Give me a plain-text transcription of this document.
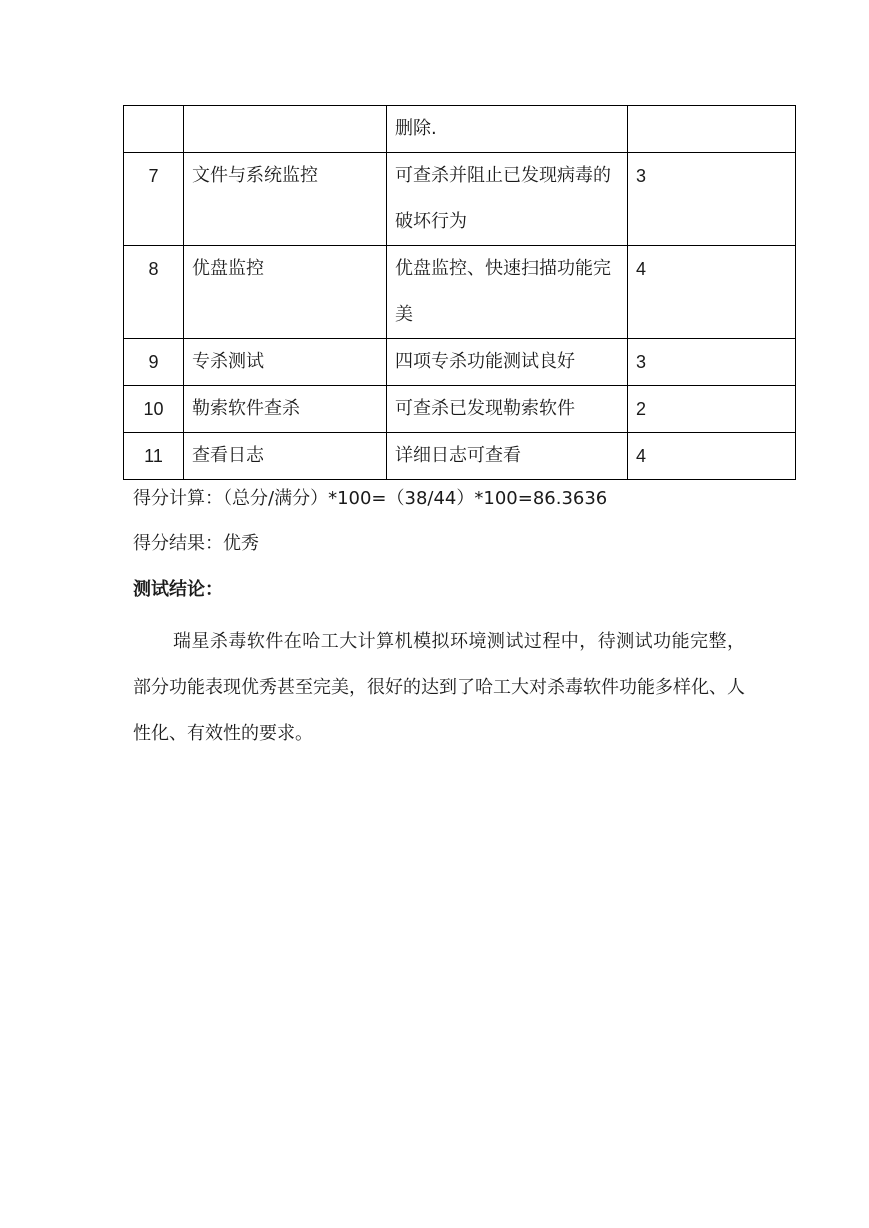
		删除.	
7	文件与系统监控	可查杀并阻止已发现病毒的破坏行为	3
8	优盘监控	优盘监控、快速扫描功能完美	4
9	专杀测试	四项专杀功能测试良好	3
10	勒索软件查杀	可查杀已发现勒索软件	2
11	查看日志	详细日志可查看	4
得分计算：（总分/满分）*100=（38/44）*100=86.3636
得分结果：优秀
测试结论：
瑞星杀毒软件在哈工大计算机模拟环境测试过程中，待测试功能完整，部分功能表现优秀甚至完美，很好的达到了哈工大对杀毒软件功能多样化、人性化、有效性的要求。
